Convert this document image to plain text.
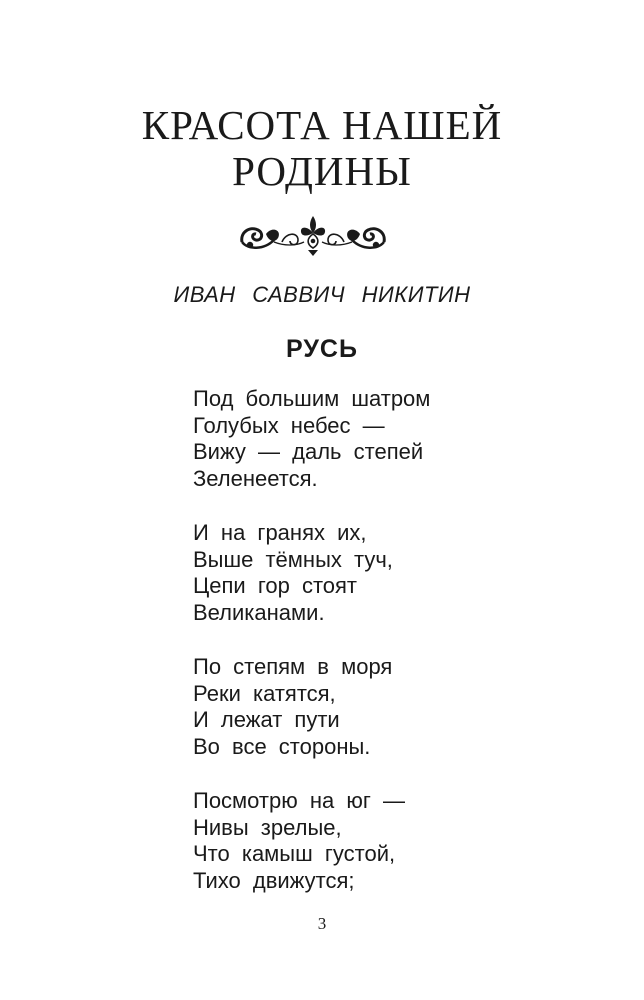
КРАСОТА НАШЕЙ
РОДИНЫ

ИВАН САВВИЧ НИКИТИН

РУСЬ
Под большим шатром
Голубых небес —
Вижу — даль степей
Зеленеется.
И на гранях их,
Выше тёмных туч,
Цепи гор стоят
Великанами.
По степям в моря
Реки катятся,
И лежат пути
Во все стороны.
Посмотрю на юг —
Нивы зрелые,
Что камыш густой,
Тихо движутся;

3
